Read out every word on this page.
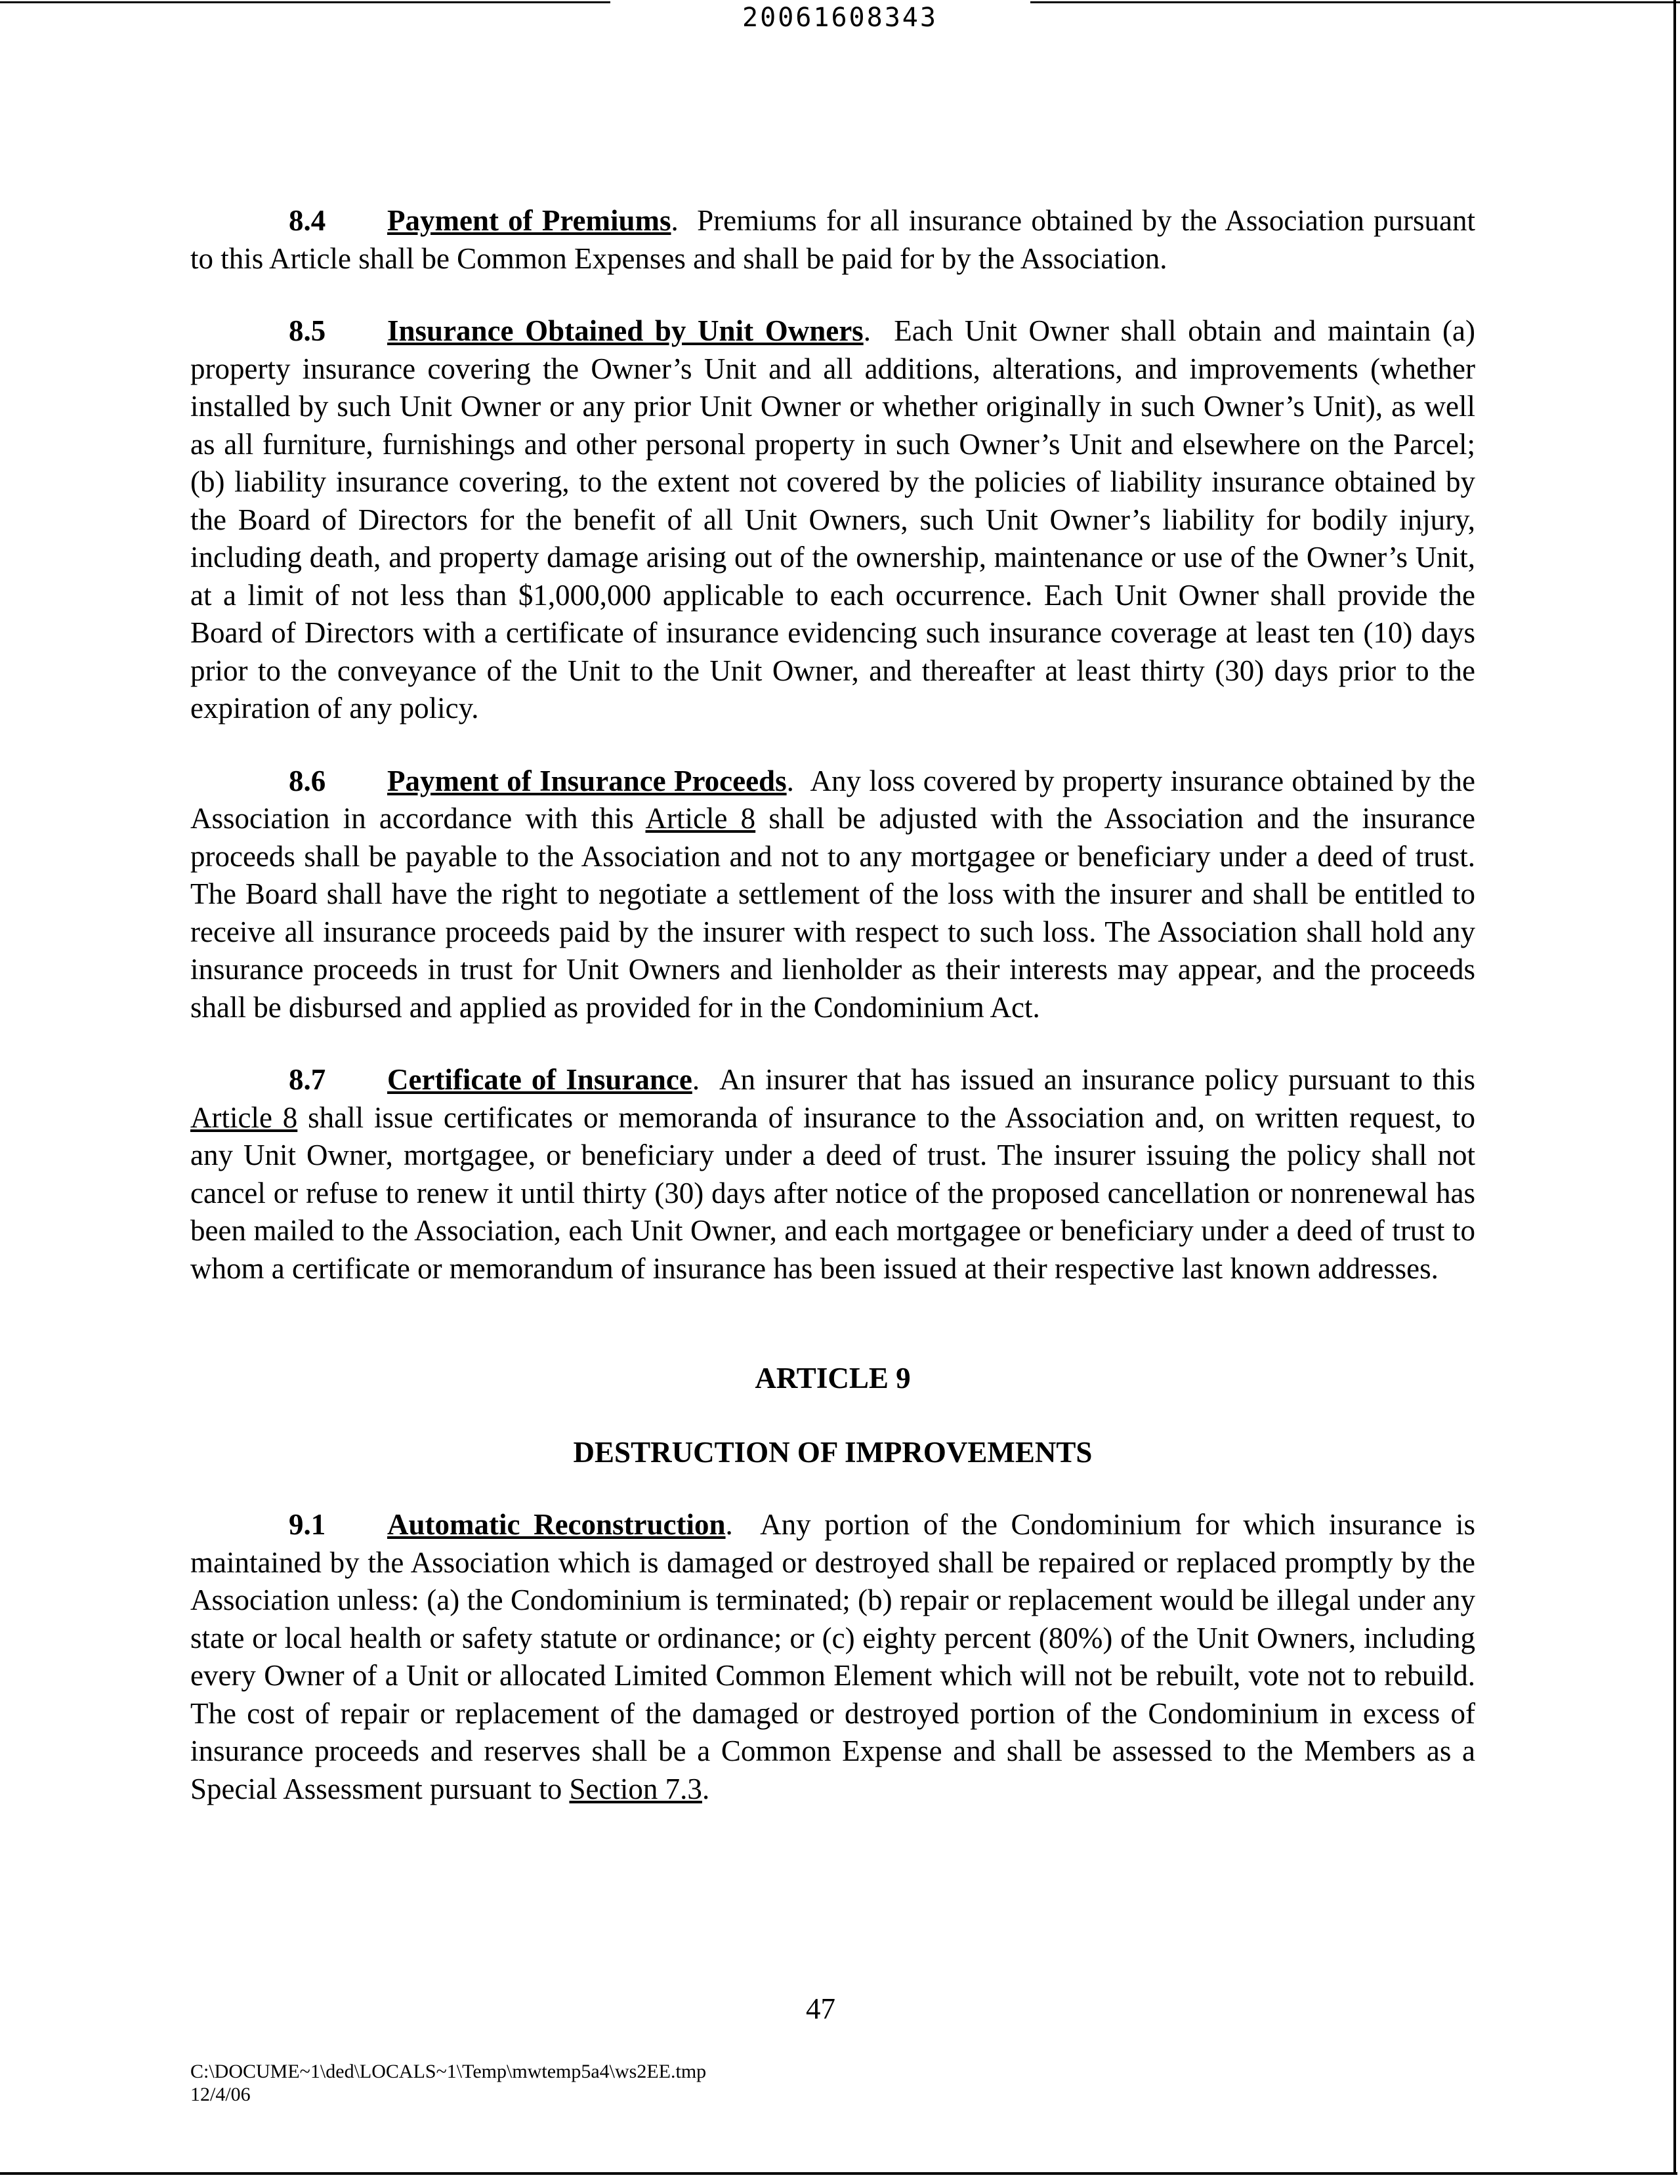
20061608343

8.4 Payment of Premiums.  Premiums for all insurance obtained by the Association pursuant to this Article shall be Common Expenses and shall be paid for by the Association.

8.5 Insurance Obtained by Unit Owners.  Each Unit Owner shall obtain and maintain (a) property insurance covering the Owner’s Unit and all additions, alterations, and improvements (whether installed by such Unit Owner or any prior Unit Owner or whether originally in such Owner’s Unit), as well as all furniture, furnishings and other personal property in such Owner’s Unit and elsewhere on the Parcel; (b) liability insurance covering, to the extent not covered by the policies of liability insurance obtained by the Board of Directors for the benefit of all Unit Owners, such Unit Owner’s liability for bodily injury, including death, and property damage arising out of the ownership, maintenance or use of the Owner’s Unit, at a limit of not less than $1,000,000 applicable to each occurrence. Each Unit Owner shall provide the Board of Directors with a certificate of insurance evidencing such insurance coverage at least ten (10) days prior to the conveyance of the Unit to the Unit Owner, and thereafter at least thirty (30) days prior to the expiration of any policy.

8.6 Payment of Insurance Proceeds.  Any loss covered by property insurance obtained by the Association in accordance with this Article 8 shall be adjusted with the Association and the insurance proceeds shall be payable to the Association and not to any mortgagee or beneficiary under a deed of trust. The Board shall have the right to negotiate a settlement of the loss with the insurer and shall be entitled to receive all insurance proceeds paid by the insurer with respect to such loss. The Association shall hold any insurance proceeds in trust for Unit Owners and lienholder as their interests may appear, and the proceeds shall be disbursed and applied as provided for in the Condominium Act.

8.7 Certificate of Insurance.  An insurer that has issued an insurance policy pursuant to this Article 8 shall issue certificates or memoranda of insurance to the Association and, on written request, to any Unit Owner, mortgagee, or beneficiary under a deed of trust. The insurer issuing the policy shall not cancel or refuse to renew it until thirty (30) days after notice of the proposed cancellation or nonrenewal has been mailed to the Association, each Unit Owner, and each mortgagee or beneficiary under a deed of trust to whom a certificate or memorandum of insurance has been issued at their respective last known addresses.

ARTICLE 9
DESTRUCTION OF IMPROVEMENTS

9.1 Automatic Reconstruction.  Any portion of the Condominium for which insurance is maintained by the Association which is damaged or destroyed shall be repaired or replaced promptly by the Association unless: (a) the Condominium is terminated; (b) repair or replacement would be illegal under any state or local health or safety statute or ordinance; or (c) eighty percent (80%) of the Unit Owners, including every Owner of a Unit or allocated Limited Common Element which will not be rebuilt, vote not to rebuild. The cost of repair or replacement of the damaged or destroyed portion of the Condominium in excess of insurance proceeds and reserves shall be a Common Expense and shall be assessed to the Members as a Special Assessment pursuant to Section 7.3.

47
C:\DOCUME~1\ded\LOCALS~1\Temp\mwtemp5a4\ws2EE.tmp
12/4/06
